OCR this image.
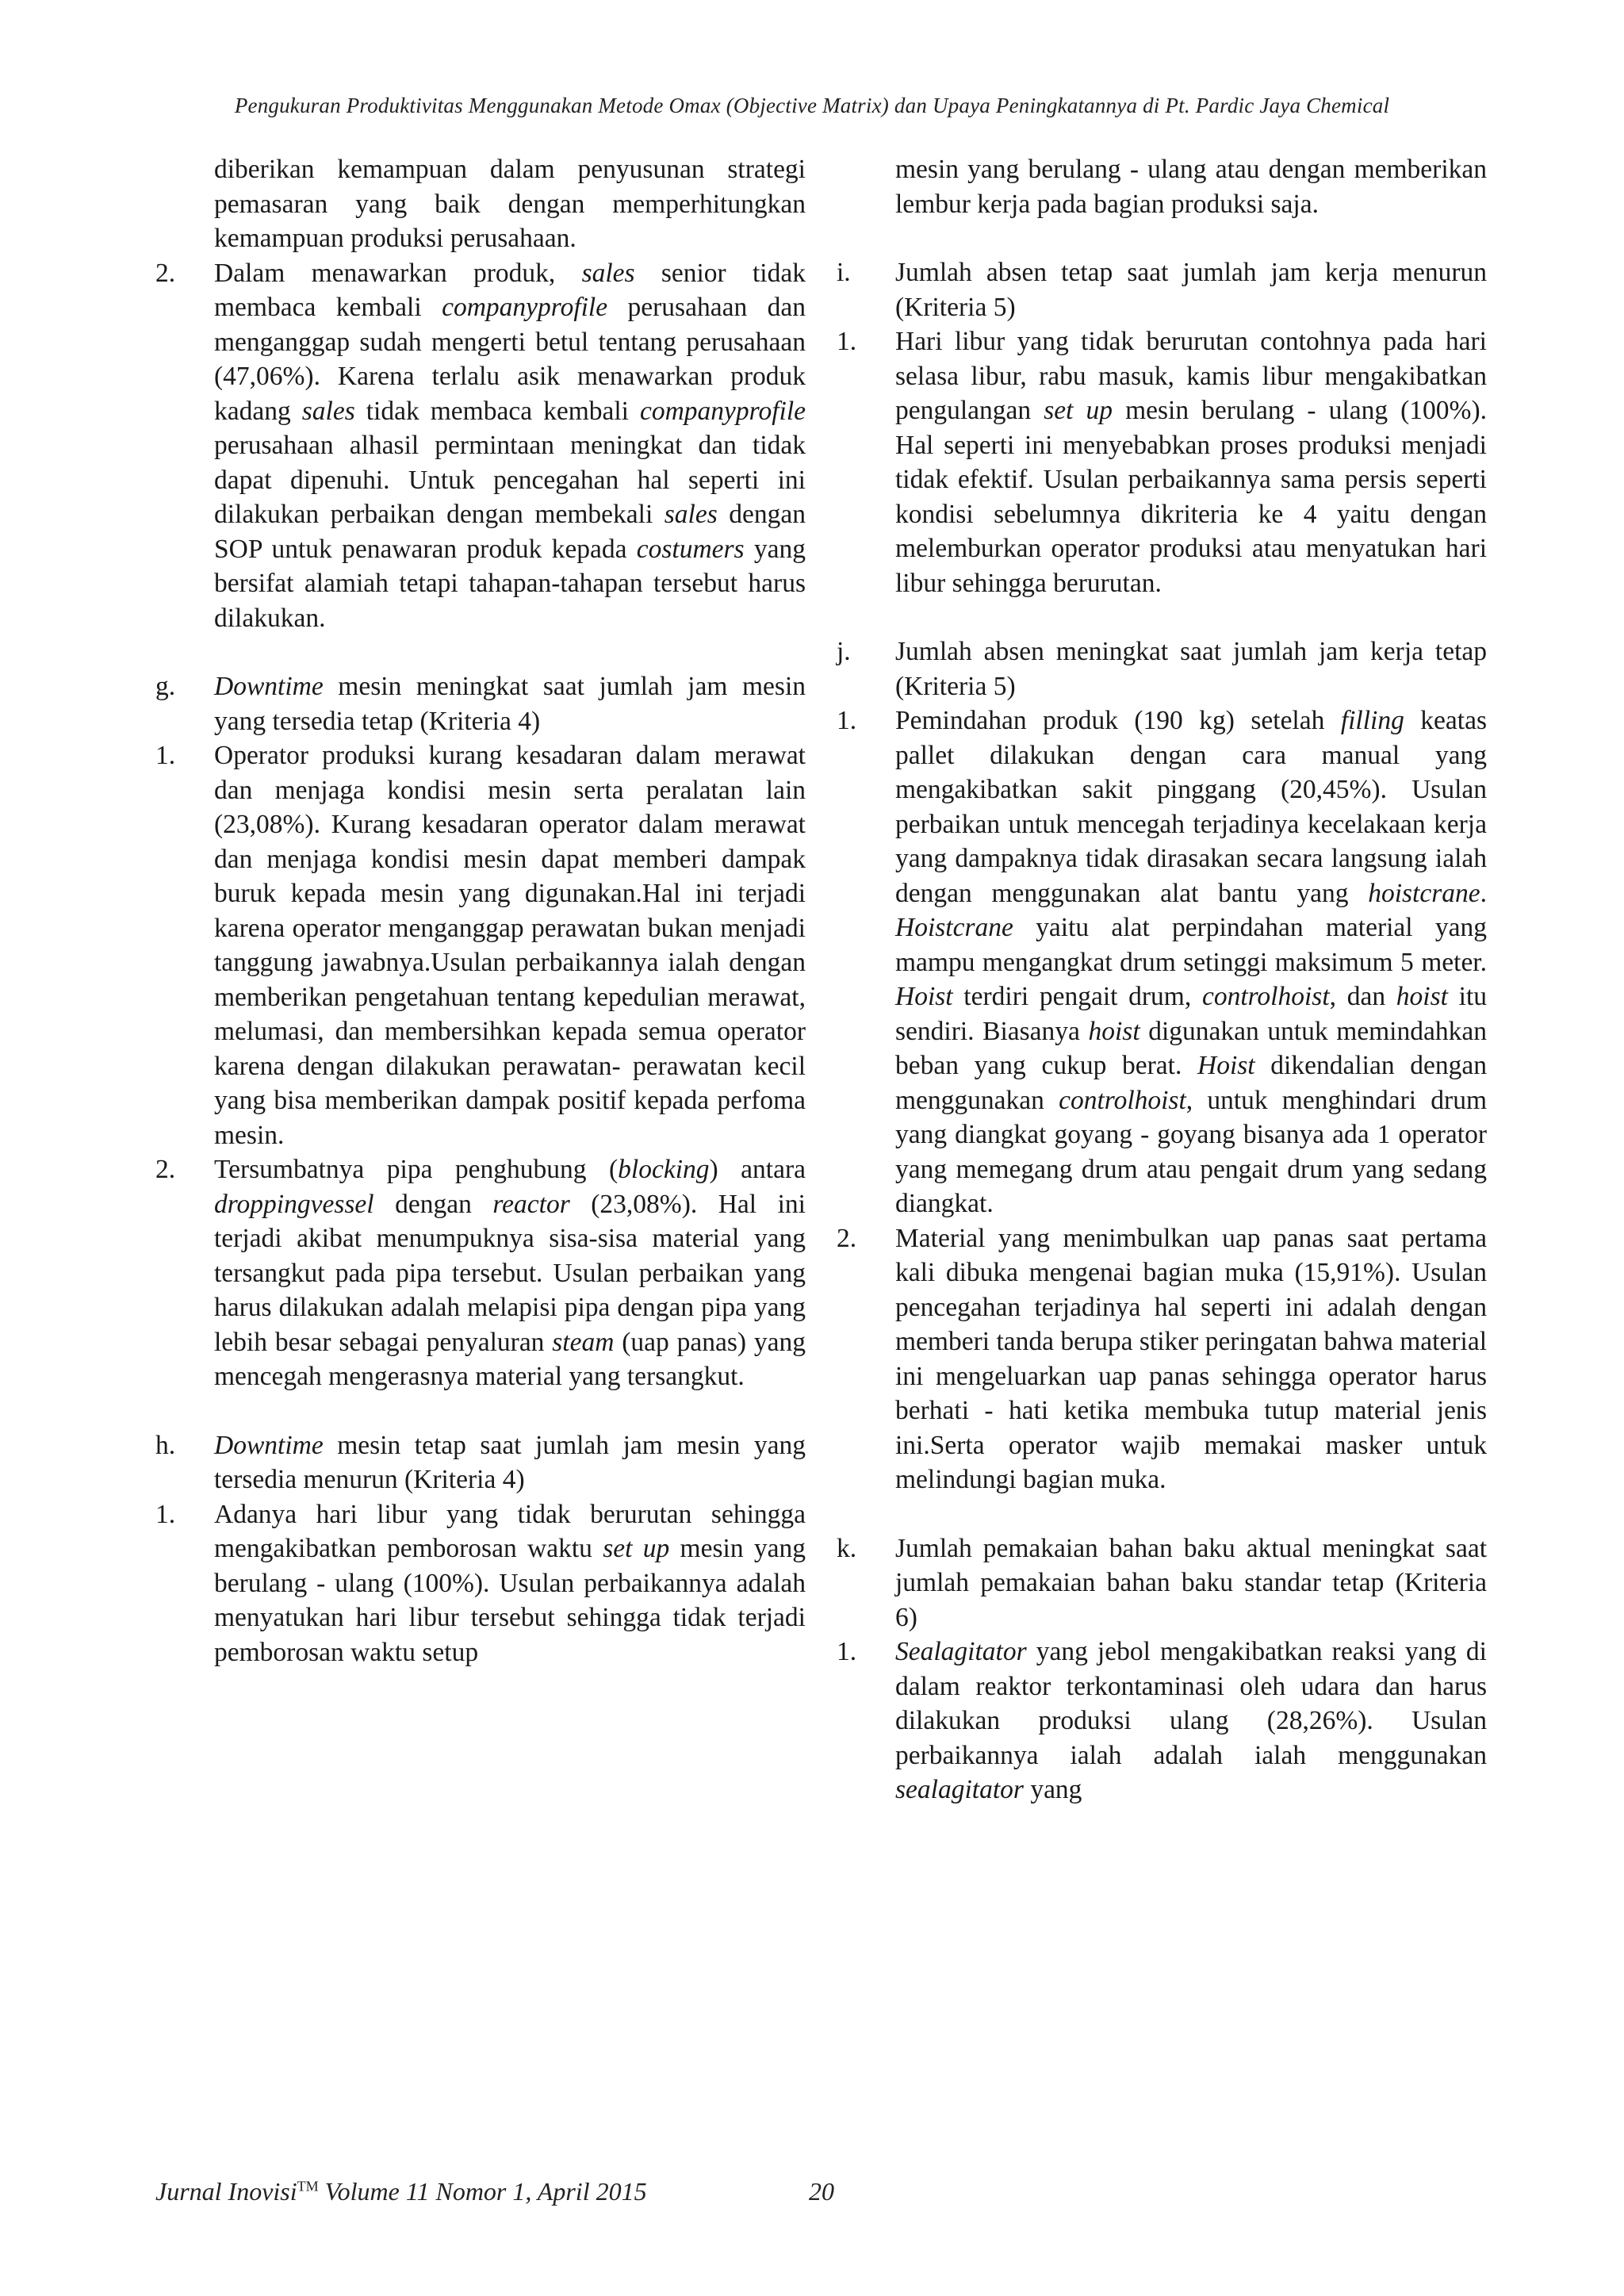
Pengukuran Produktivitas Menggunakan Metode Omax (Objective Matrix) dan Upaya Peningkatannya di Pt. Pardic Jaya Chemical

diberikan kemampuan dalam penyusunan strategi pemasaran yang baik dengan memperhitungkan kemampuan produksi perusahaan.

2.	Dalam menawarkan produk, sales senior tidak membaca kembali companyprofile perusahaan dan menganggap sudah mengerti betul tentang perusahaan (47,06%). Karena terlalu asik menawarkan produk kadang sales tidak membaca kembali companyprofile perusahaan alhasil permintaan meningkat dan tidak dapat dipenuhi. Untuk pencegahan hal seperti ini dilakukan perbaikan dengan membekali sales dengan SOP untuk penawaran produk kepada costumers yang bersifat alamiah tetapi tahapan-tahapan tersebut harus dilakukan.
g.	Downtime mesin meningkat saat jumlah jam mesin yang tersedia tetap (Kriteria 4)

1.	Operator produksi kurang kesadaran dalam merawat dan menjaga kondisi mesin serta peralatan lain (23,08%). Kurang kesadaran operator dalam merawat dan menjaga kondisi mesin dapat memberi dampak buruk kepada mesin yang digunakan.Hal ini terjadi karena operator menganggap perawatan bukan menjadi tanggung jawabnya.Usulan perbaikannya ialah dengan memberikan pengetahuan tentang kepedulian merawat, melumasi, dan membersihkan kepada semua operator karena dengan dilakukan perawatan- perawatan kecil yang bisa memberikan dampak positif kepada perfoma mesin.
2.	Tersumbatnya pipa penghubung (blocking) antara droppingvessel dengan reactor (23,08%). Hal ini terjadi akibat menumpuknya sisa-sisa material yang tersangkut pada pipa tersebut. Usulan perbaikan yang harus dilakukan adalah melapisi pipa dengan pipa yang lebih besar sebagai penyaluran steam (uap panas) yang mencegah mengerasnya material yang tersangkut.
h.	Downtime mesin tetap saat jumlah jam mesin yang tersedia menurun (Kriteria 4)

1.	Adanya hari libur yang tidak berurutan sehingga mengakibatkan pemborosan waktu set up mesin yang berulang - ulang (100%). Usulan perbaikannya adalah menyatukan hari libur tersebut sehingga tidak terjadi pemborosan waktu setup

mesin yang berulang - ulang atau dengan memberikan lembur kerja pada bagian produksi saja.

i.	Jumlah absen tetap saat jumlah jam kerja menurun (Kriteria 5)

1.	Hari libur yang tidak berurutan contohnya pada hari selasa libur, rabu masuk, kamis libur mengakibatkan pengulangan set up mesin berulang - ulang (100%). Hal seperti ini menyebabkan proses produksi menjadi tidak efektif. Usulan perbaikannya sama persis seperti kondisi sebelumnya dikriteria ke 4 yaitu dengan melemburkan operator produksi atau menyatukan hari libur sehingga berurutan.
j.	Jumlah absen meningkat saat jumlah jam kerja tetap (Kriteria 5)

1.	Pemindahan produk (190 kg) setelah filling keatas pallet dilakukan dengan cara manual yang mengakibatkan sakit pinggang (20,45%). Usulan perbaikan untuk mencegah terjadinya kecelakaan kerja yang dampaknya tidak dirasakan secara langsung ialah dengan menggunakan alat bantu yang hoistcrane. Hoistcrane yaitu alat perpindahan material yang mampu mengangkat drum setinggi maksimum 5 meter. Hoist terdiri pengait drum, controlhoist, dan hoist itu sendiri. Biasanya hoist digunakan untuk memindahkan beban yang cukup berat. Hoist dikendalian dengan menggunakan controlhoist, untuk menghindari drum yang diangkat goyang - goyang bisanya ada 1 operator yang memegang drum atau pengait drum yang sedang diangkat.
2.	Material yang menimbulkan uap panas saat pertama kali dibuka mengenai bagian muka (15,91%). Usulan pencegahan terjadinya hal seperti ini adalah dengan memberi tanda berupa stiker peringatan bahwa material ini mengeluarkan uap panas sehingga operator harus berhati - hati ketika membuka tutup material jenis ini.Serta operator wajib memakai masker untuk melindungi bagian muka.
k.	Jumlah pemakaian bahan baku aktual meningkat saat jumlah pemakaian bahan baku standar tetap (Kriteria 6)

1.	Sealagitator yang jebol mengakibatkan reaksi yang di dalam reaktor terkontaminasi oleh udara dan harus dilakukan produksi ulang (28,26%). Usulan perbaikannya ialah adalah ialah menggunakan sealagitator yang
Jurnal Inovisi™ Volume 11 Nomor 1, April 2015	20
